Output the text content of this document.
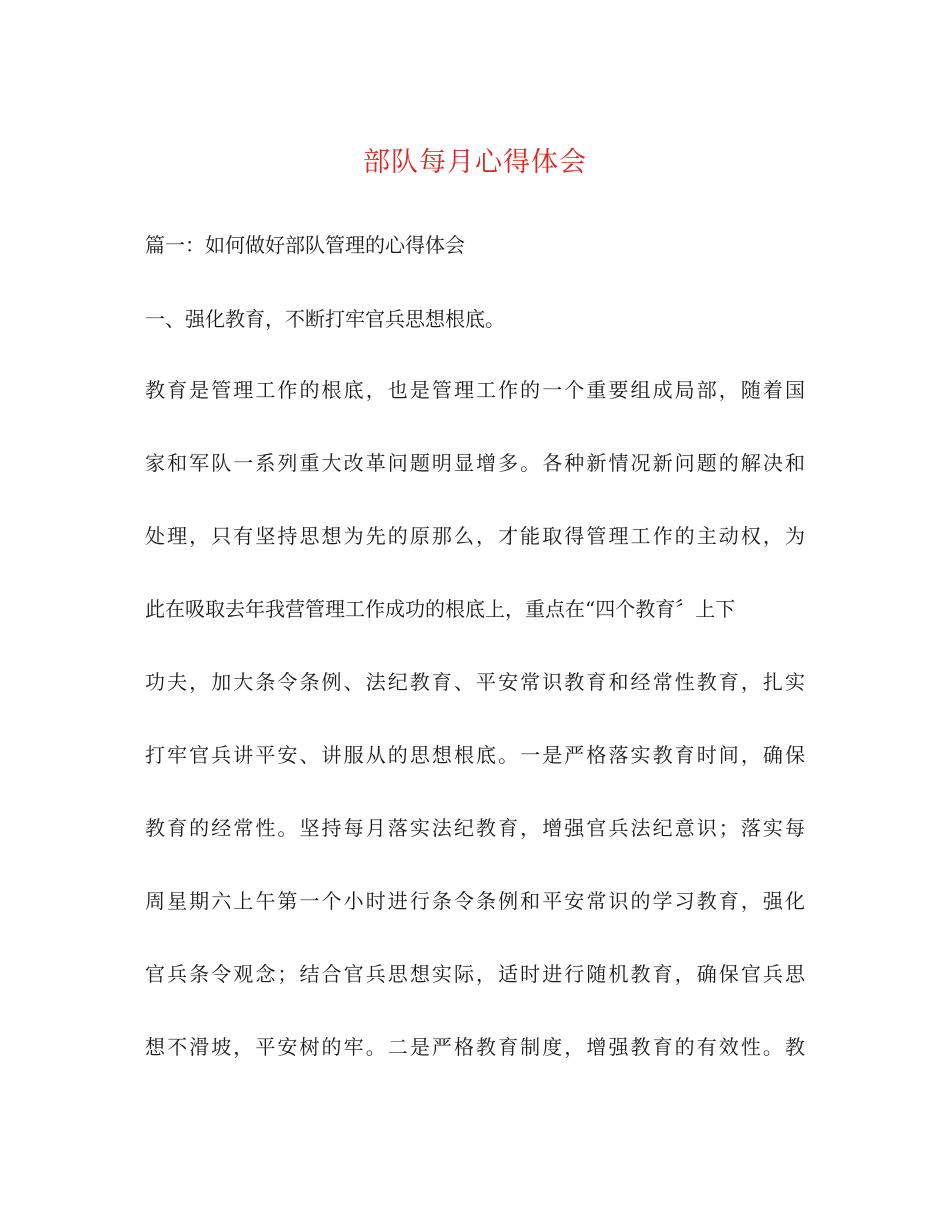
部队每月心得体会

篇一：如何做好部队管理的心得体会

一、强化教育，不断打牢官兵思想根底。

教育是管理工作的根底，也是管理工作的一个重要组成局部，随着国

家和军队一系列重大改革问题明显增多。各种新情况新问题的解决和

处理，只有坚持思想为先的原那么，才能取得管理工作的主动权，为

此在吸取去年我营管理工作成功的根底上，重点在“四个教育〞上下

功夫，加大条令条例、法纪教育、平安常识教育和经常性教育，扎实

打牢官兵讲平安、讲服从的思想根底。一是严格落实教育时间，确保

教育的经常性。坚持每月落实法纪教育，增强官兵法纪意识；落实每

周星期六上午第一个小时进行条令条例和平安常识的学习教育，强化

官兵条令观念；结合官兵思想实际，适时进行随机教育，确保官兵思

想不滑坡，平安树的牢。二是严格教育制度，增强教育的有效性。教
